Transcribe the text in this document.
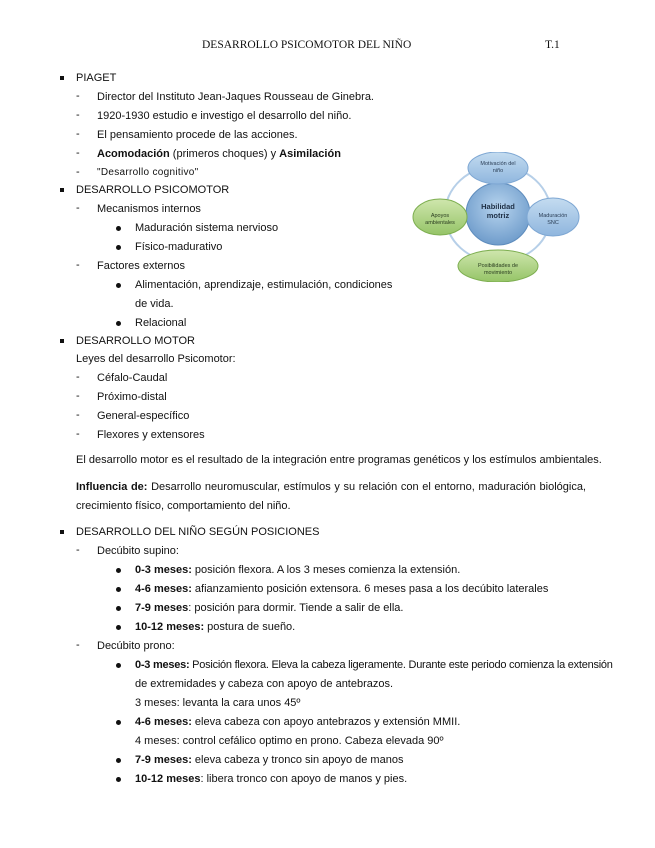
DESARROLLO PSICOMOTOR DEL NIÑO	T.1
PIAGET
- Director del Instituto Jean-Jaques Rousseau de Ginebra.
- 1920-1930 estudio e investigo el desarrollo del niño.
- El pensamiento procede de las acciones.
- Acomodación (primeros choques) y Asimilación
- "Desarrollo cognitivo"
DESARROLLO PSICOMOTOR
- Mecanismos internos
Maduración sistema nervioso
Físico-madurativo
- Factores externos
Alimentación, aprendizaje, estimulación, condiciones
de vida.
Relacional
Habilidad motriz
Motivación del niño
Maduración SNC
Posibilidades de movimiento
Apoyos ambientales
DESARROLLO MOTOR
Leyes del desarrollo Psicomotor:
- Céfalo-Caudal
- Próximo-distal
- General-específico
- Flexores y extensores
El desarrollo motor es el resultado de la integración entre programas genéticos y los estímulos ambientales.
Influencia de: Desarrollo neuromuscular, estímulos y su relación con el entorno, maduración biológica, crecimiento físico, comportamiento del niño.
DESARROLLO DEL NIÑO SEGÚN POSICIONES
- Decúbito supino:
0-3 meses: posición flexora. A los 3 meses comienza la extensión.
4-6 meses: afianzamiento posición extensora. 6 meses pasa a los decúbito laterales
7-9 meses: posición para dormir. Tiende a salir de ella.
10-12 meses: postura de sueño.
- Decúbito prono:
0-3 meses: Posición flexora. Eleva la cabeza ligeramente. Durante este periodo comienza la extensión
de extremidades y cabeza con apoyo de antebrazos.
3 meses: levanta la cara unos 45º
4-6 meses: eleva cabeza con apoyo antebrazos y extensión MMII.
4 meses: control cefálico optimo en prono. Cabeza elevada 90º
7-9 meses: eleva cabeza y tronco sin apoyo de manos
10-12 meses: libera tronco con apoyo de manos y pies.
